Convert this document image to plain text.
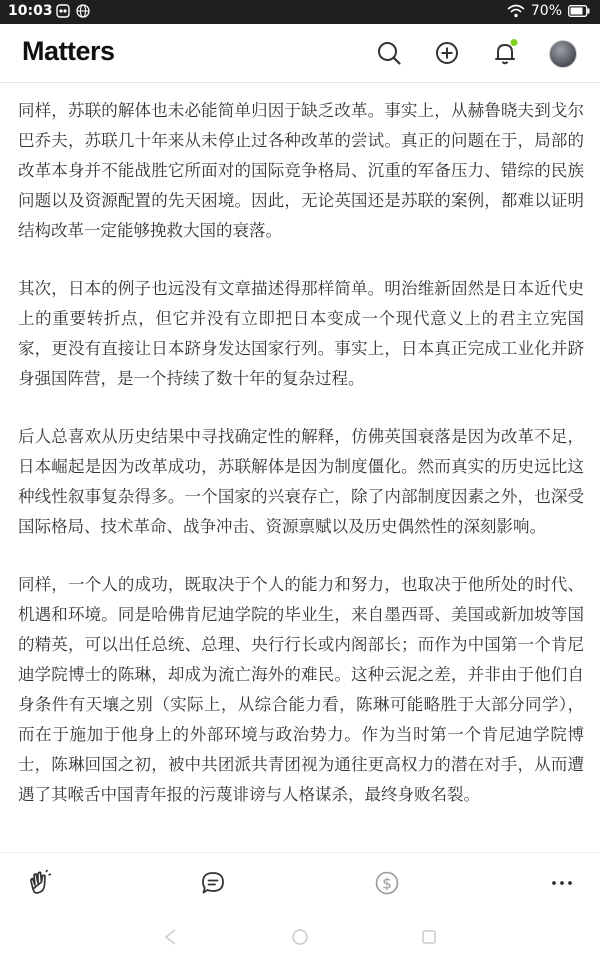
10:03	70%
Matters

同样，苏联的解体也未必能简单归因于缺乏改革。事实上，从赫鲁晓夫到戈尔巴乔夫，苏联几十年来从未停止过各种改革的尝试。真正的问题在于，局部的改革本身并不能战胜它所面对的国际竞争格局、沉重的军备压力、错综的民族问题以及资源配置的先天困境。因此，无论英国还是苏联的案例，都难以证明结构改革一定能够挽救大国的衰落。

其次，日本的例子也远没有文章描述得那样简单。明治维新固然是日本近代史上的重要转折点，但它并没有立即把日本变成一个现代意义上的君主立宪国家，更没有直接让日本跻身发达国家行列。事实上，日本真正完成工业化并跻身强国阵营，是一个持续了数十年的复杂过程。

后人总喜欢从历史结果中寻找确定性的解释，仿佛英国衰落是因为改革不足，日本崛起是因为改革成功，苏联解体是因为制度僵化。然而真实的历史远比这种线性叙事复杂得多。一个国家的兴衰存亡，除了内部制度因素之外，也深受国际格局、技术革命、战争冲击、资源禀赋以及历史偶然性的深刻影响。

同样，一个人的成功，既取决于个人的能力和努力，也取决于他所处的时代、机遇和环境。同是哈佛肯尼迪学院的毕业生，来自墨西哥、美国或新加坡等国的精英，可以出任总统、总理、央行行长或内阁部长；而作为中国第一个肯尼迪学院博士的陈琳，却成为流亡海外的难民。这种云泥之差，并非由于他们自身条件有天壤之别（实际上，从综合能力看，陈琳可能略胜于大部分同学），而在于施加于他身上的外部环境与政治势力。作为当时第一个肯尼迪学院博士，陈琳回国之初，被中共团派共青团视为通往更高权力的潜在对手，从而遭遇了其喉舌中国青年报的污蔑诽谤与人格谋杀，最终身败名裂。

$
